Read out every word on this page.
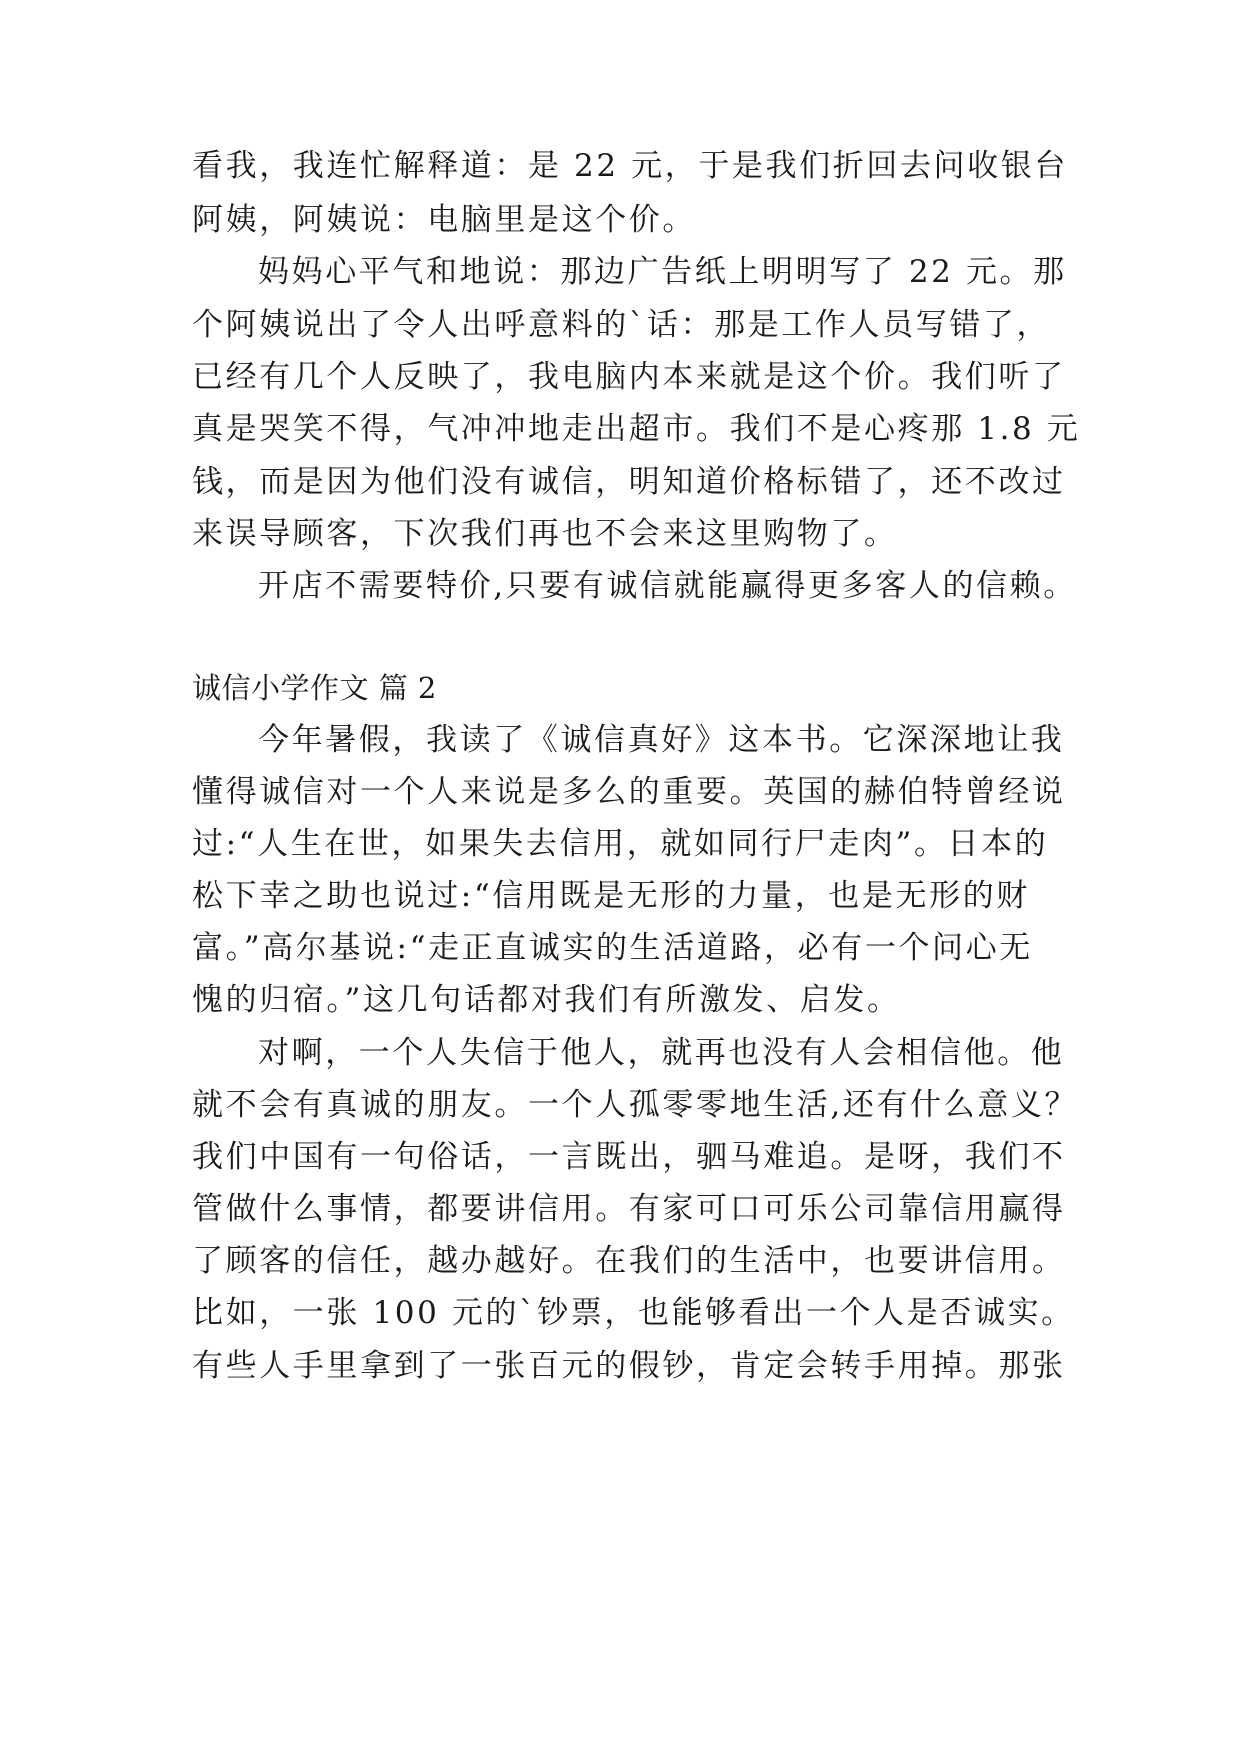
看我，我连忙解释道：是 22 元，于是我们折回去问收银台
阿姨，阿姨说：电脑里是这个价。
妈妈心平气和地说：那边广告纸上明明写了 22 元。那
个阿姨说出了令人出呼意料的`话：那是工作人员写错了，
已经有几个人反映了，我电脑内本来就是这个价。我们听了
真是哭笑不得，气冲冲地走出超市。我们不是心疼那 1.8 元
钱，而是因为他们没有诚信，明知道价格标错了，还不改过
来误导顾客，下次我们再也不会来这里购物了。
开店不需要特价,只要有诚信就能赢得更多客人的信赖。
诚信小学作文 篇 2
今年暑假，我读了《诚信真好》这本书。它深深地让我
懂得诚信对一个人来说是多么的重要。英国的赫伯特曾经说
过:“人生在世，如果失去信用，就如同行尸走肉”。日本的
松下幸之助也说过:“信用既是无形的力量，也是无形的财
富。”高尔基说:“走正直诚实的生活道路，必有一个问心无
愧的归宿。”这几句话都对我们有所激发、启发。
对啊，一个人失信于他人，就再也没有人会相信他。他
就不会有真诚的朋友。一个人孤零零地生活,还有什么意义？
我们中国有一句俗话，一言既出，驷马难追。是呀，我们不
管做什么事情，都要讲信用。有家可口可乐公司靠信用赢得
了顾客的信任，越办越好。在我们的生活中，也要讲信用。
比如，一张 100 元的`钞票，也能够看出一个人是否诚实。
有些人手里拿到了一张百元的假钞，肯定会转手用掉。那张
